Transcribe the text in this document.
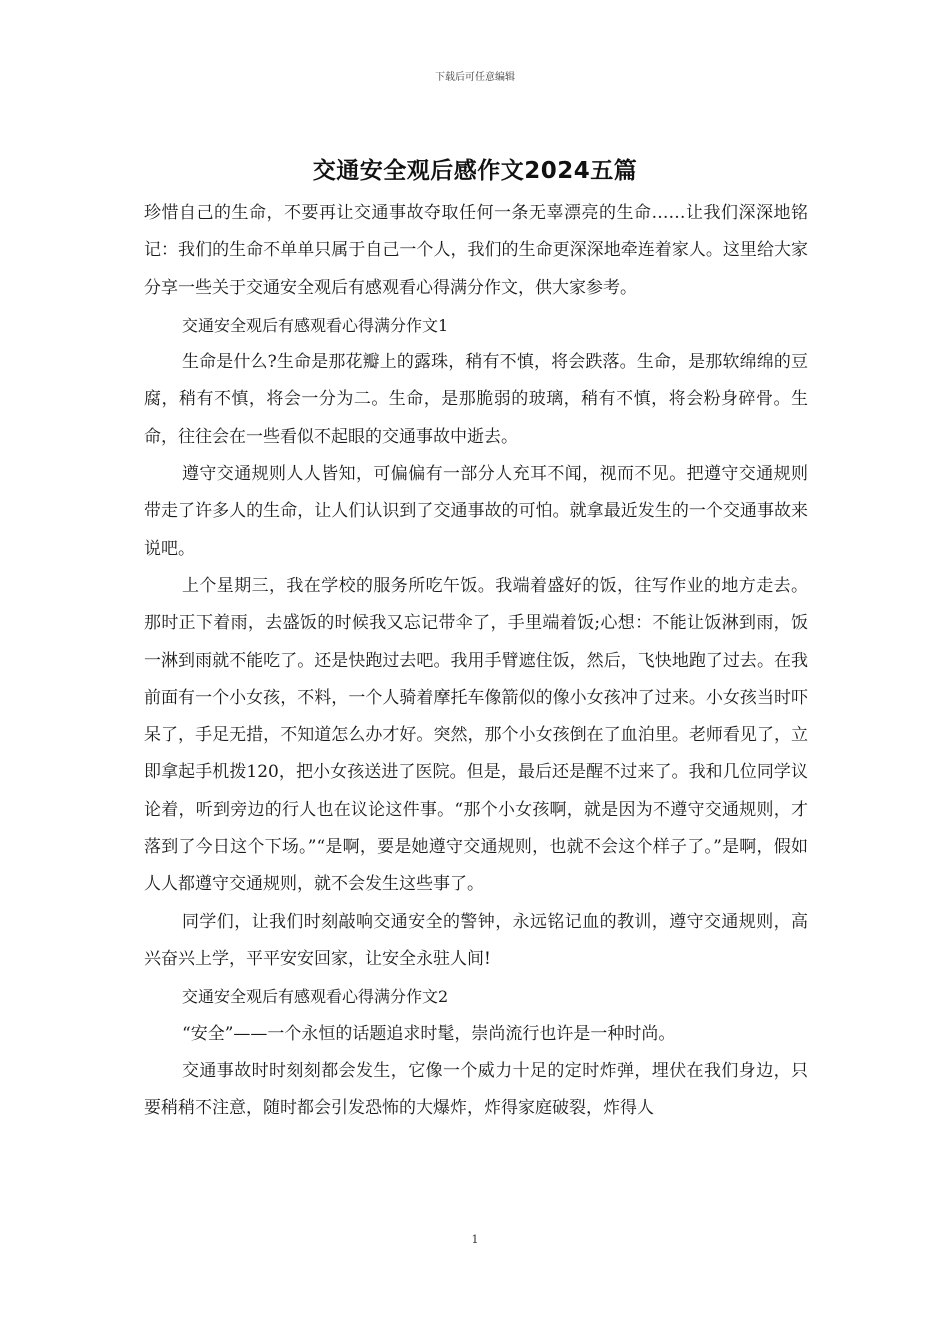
下载后可任意编辑
交通安全观后感作文2024五篇

珍惜自己的生命，不要再让交通事故夺取任何一条无辜漂亮的生命……让我们深深地铭记：我们的生命不单单只属于自己一个人，我们的生命更深深地牵连着家人。这里给大家分享一些关于交通安全观后有感观看心得满分作文，供大家参考。

交通安全观后有感观看心得满分作文1

生命是什么?生命是那花瓣上的露珠，稍有不慎，将会跌落。生命，是那软绵绵的豆腐，稍有不慎，将会一分为二。生命，是那脆弱的玻璃，稍有不慎，将会粉身碎骨。生命，往往会在一些看似不起眼的交通事故中逝去。

遵守交通规则人人皆知，可偏偏有一部分人充耳不闻，视而不见。把遵守交通规则带走了许多人的生命，让人们认识到了交通事故的可怕。就拿最近发生的一个交通事故来说吧。

上个星期三，我在学校的服务所吃午饭。我端着盛好的饭，往写作业的地方走去。那时正下着雨，去盛饭的时候我又忘记带伞了，手里端着饭;心想：不能让饭淋到雨，饭一淋到雨就不能吃了。还是快跑过去吧。我用手臂遮住饭，然后，飞快地跑了过去。在我前面有一个小女孩，不料，一个人骑着摩托车像箭似的像小女孩冲了过来。小女孩当时吓呆了，手足无措，不知道怎么办才好。突然，那个小女孩倒在了血泊里。老师看见了，立即拿起手机拨120，把小女孩送进了医院。但是，最后还是醒不过来了。我和几位同学议论着，听到旁边的行人也在议论这件事。“那个小女孩啊，就是因为不遵守交通规则，才落到了今日这个下场。”“是啊，要是她遵守交通规则，也就不会这个样子了。”是啊，假如人人都遵守交通规则，就不会发生这些事了。

同学们，让我们时刻敲响交通安全的警钟，永远铭记血的教训，遵守交通规则，高兴奋兴上学，平平安安回家，让安全永驻人间!

交通安全观后有感观看心得满分作文2

“安全”——一个永恒的话题追求时髦，崇尚流行也许是一种时尚。

交通事故时时刻刻都会发生，它像一个威力十足的定时炸弹，埋伏在我们身边，只要稍稍不注意，随时都会引发恐怖的大爆炸，炸得家庭破裂，炸得人

1
